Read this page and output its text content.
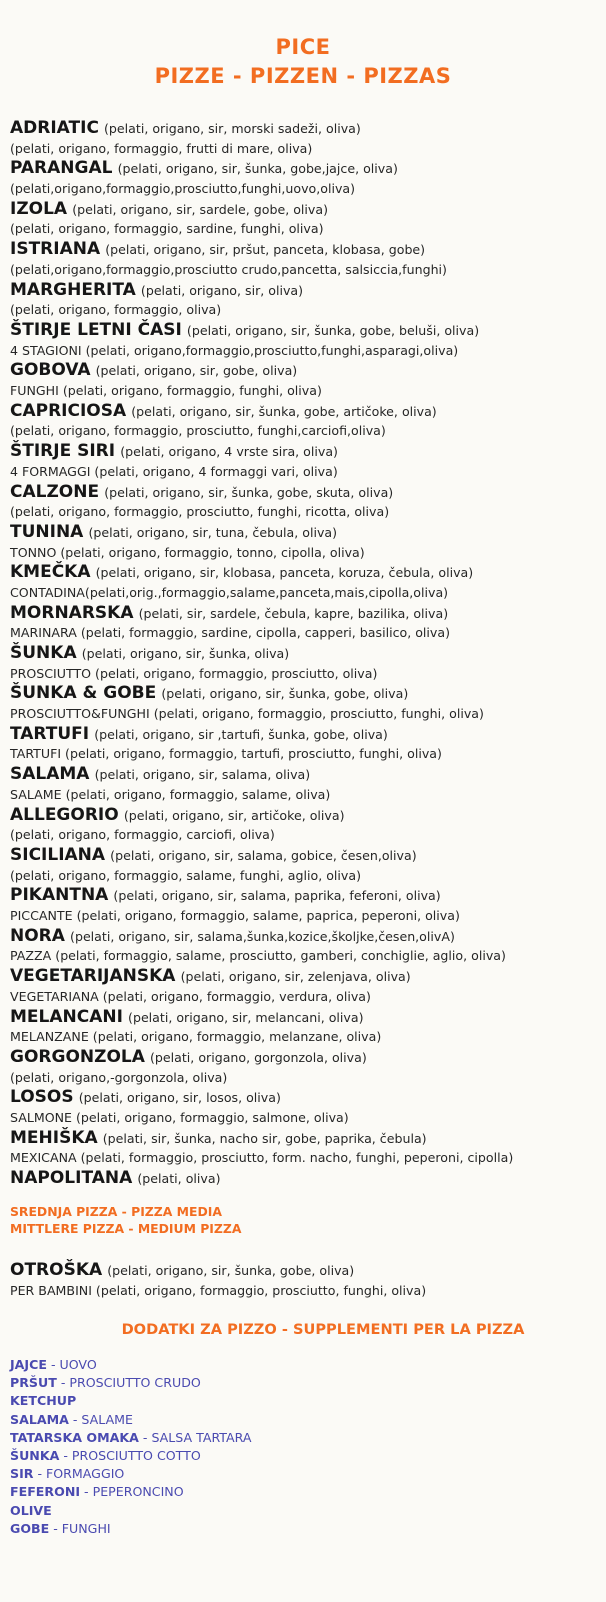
PICE
PIZZE - PIZZEN - PIZZAS
ADRIATIC (pelati, origano, sir, morski sadeži, oliva)
(pelati, origano, formaggio, frutti di mare, oliva)
PARANGAL (pelati, origano, sir, šunka, gobe,jajce, oliva)
(pelati,origano,formaggio,prosciutto,funghi,uovo,oliva)
IZOLA (pelati, origano, sir, sardele, gobe, oliva)
(pelati, origano, formaggio, sardine, funghi, oliva)
ISTRIANA (pelati, origano, sir, pršut, panceta, klobasa, gobe)
(pelati,origano,formaggio,prosciutto crudo,pancetta, salsiccia,funghi)
MARGHERITA (pelati, origano, sir, oliva)
(pelati, origano, formaggio, oliva)
ŠTIRJE LETNI ČASI (pelati, origano, sir, šunka, gobe, beluši, oliva)
4 STAGIONI (pelati, origano,formaggio,prosciutto,funghi,asparagi,oliva)
GOBOVA (pelati, origano, sir, gobe, oliva)
FUNGHI (pelati, origano, formaggio, funghi, oliva)
CAPRICIOSA (pelati, origano, sir, šunka, gobe, artičoke, oliva)
(pelati, origano, formaggio, prosciutto, funghi,carciofi,oliva)
ŠTIRJE SIRI (pelati, origano, 4 vrste sira, oliva)
4 FORMAGGI (pelati, origano, 4 formaggi vari, oliva)
CALZONE (pelati, origano, sir, šunka, gobe, skuta, oliva)
(pelati, origano, formaggio, prosciutto, funghi, ricotta, oliva)
TUNINA (pelati, origano, sir, tuna, čebula, oliva)
TONNO (pelati, origano, formaggio, tonno, cipolla, oliva)
KMEČKA (pelati, origano, sir, klobasa, panceta, koruza, čebula, oliva)
CONTADINA(pelati,orig.,formaggio,salame,panceta,mais,cipolla,oliva)
MORNARSKA (pelati, sir, sardele, čebula, kapre, bazilika, oliva)
MARINARA (pelati, formaggio, sardine, cipolla, capperi, basilico, oliva)
ŠUNKA (pelati, origano, sir, šunka, oliva)
PROSCIUTTO (pelati, origano, formaggio, prosciutto, oliva)
ŠUNKA & GOBE (pelati, origano, sir, šunka, gobe, oliva)
PROSCIUTTO&FUNGHI (pelati, origano, formaggio, prosciutto, funghi, oliva)
TARTUFI (pelati, origano, sir ,tartufi, šunka, gobe, oliva)
TARTUFI (pelati, origano, formaggio, tartufi, prosciutto, funghi, oliva)
SALAMA (pelati, origano, sir, salama, oliva)
SALAME (pelati, origano, formaggio, salame, oliva)
ALLEGORIO (pelati, origano, sir, artičoke, oliva)
(pelati, origano, formaggio, carciofi, oliva)
SICILIANA (pelati, origano, sir, salama, gobice, česen,oliva)
(pelati, origano, formaggio, salame, funghi, aglio, oliva)
PIKANTNA (pelati, origano, sir, salama, paprika, feferoni, oliva)
PICCANTE (pelati, origano, formaggio, salame, paprica, peperoni, oliva)
NORA (pelati, origano, sir, salama,šunka,kozice,školjke,česen,olivA)
PAZZA (pelati, formaggio, salame, prosciutto, gamberi, conchiglie, aglio, oliva)
VEGETARIJANSKA (pelati, origano, sir, zelenjava, oliva)
VEGETARIANA (pelati, origano, formaggio, verdura, oliva)
MELANCANI (pelati, origano, sir, melancani, oliva)
MELANZANE (pelati, origano, formaggio, melanzane, oliva)
GORGONZOLA (pelati, origano, gorgonzola, oliva)
(pelati, origano,-gorgonzola, oliva)
LOSOS (pelati, origano, sir, losos, oliva)
SALMONE (pelati, origano, formaggio, salmone, oliva)
MEHIŠKA (pelati, sir, šunka, nacho sir, gobe, paprika, čebula)
MEXICANA (pelati, formaggio, prosciutto, form. nacho, funghi, peperoni, cipolla)
NAPOLITANA (pelati, oliva)
SREDNJA PIZZA - PIZZA MEDIA
MITTLERE PIZZA - MEDIUM PIZZA
OTROŠKA (pelati, origano, sir, šunka, gobe, oliva)
PER BAMBINI (pelati, origano, formaggio, prosciutto, funghi, oliva)
DODATKI ZA PIZZO - SUPPLEMENTI PER LA PIZZA
JAJCE - UOVO
PRŠUT - PROSCIUTTO CRUDO
KETCHUP
SALAMA - SALAME
TATARSKA OMAKA - SALSA TARTARA
ŠUNKA - PROSCIUTTO COTTO
SIR - FORMAGGIO
FEFERONI - PEPERONCINO
OLIVE
GOBE - FUNGHI
